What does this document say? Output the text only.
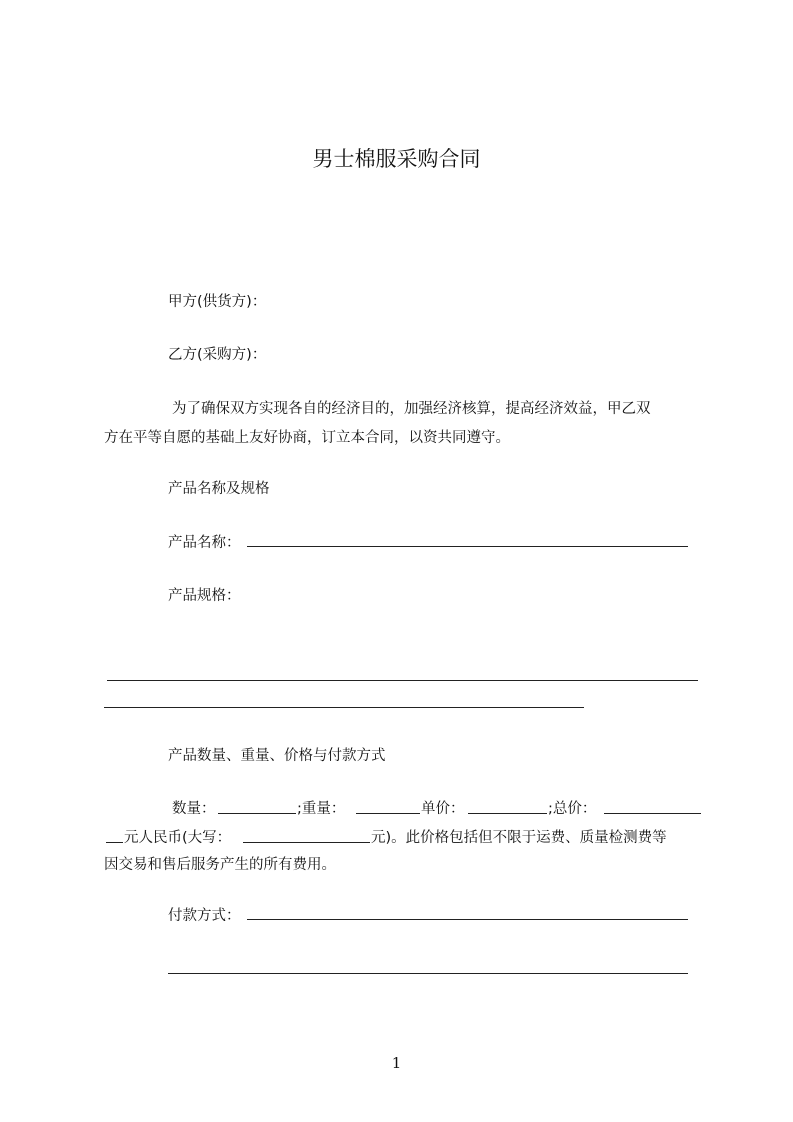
男士棉服采购合同
甲方(供货方)：
乙方(采购方)：
为了确保双方实现各自的经济目的，加强经济核算，提高经济效益，甲乙双
方在平等自愿的基础上友好协商，订立本合同，以资共同遵守。
产品名称及规格
产品名称：
产品规格：
产品数量、重量、价格与付款方式
数量：	;重量：	单价：	;总价：
元人民币(大写：	元)。此价格包括但不限于运费、质量检测费等
因交易和售后服务产生的所有费用。
付款方式：
1
